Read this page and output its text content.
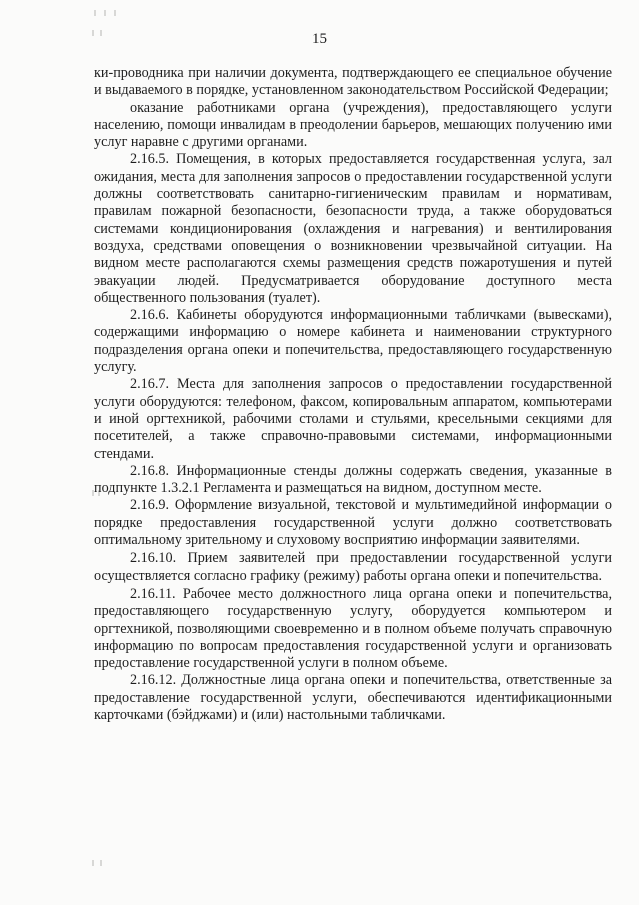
15

ки-проводника при наличии документа, подтверждающего ее специальное обучение и выдаваемого в порядке, установленном законодательством Российской Федерации;

оказание работниками органа (учреждения), предоставляющего услуги населению, помощи инвалидам в преодолении барьеров, мешающих получению ими услуг наравне с другими органами.

2.16.5. Помещения, в которых предоставляется государственная услуга, зал ожидания, места для заполнения запросов о предоставлении государственной услуги должны соответствовать санитарно-гигиеническим правилам и нормативам, правилам пожарной безопасности, безопасности труда, а также оборудоваться системами кондиционирования (охлаждения и нагревания) и вентилирования воздуха, средствами оповещения о возникновении чрезвычайной ситуации. На видном месте располагаются схемы размещения средств пожаротушения и путей эвакуации людей. Предусматривается оборудование доступного места общественного пользования (туалет).

2.16.6. Кабинеты оборудуются информационными табличками (вывесками), содержащими информацию о номере кабинета и наименовании структурного подразделения органа опеки и попечительства, предоставляющего государственную услугу.

2.16.7. Места для заполнения запросов о предоставлении государственной услуги оборудуются: телефоном, факсом, копировальным аппаратом, компьютерами и иной оргтехникой, рабочими столами и стульями, кресельными секциями для посетителей, а также справочно-правовыми системами, информационными стендами.

2.16.8. Информационные стенды должны содержать сведения, указанные в подпункте 1.3.2.1 Регламента и размещаться на видном, доступном месте.

2.16.9. Оформление визуальной, текстовой и мультимедийной информации о порядке предоставления государственной услуги должно соответствовать оптимальному зрительному и слуховому восприятию информации заявителями.

2.16.10. Прием заявителей при предоставлении государственной услуги осуществляется согласно графику (режиму) работы органа опеки и попечительства.

2.16.11. Рабочее место должностного лица органа опеки и попечительства, предоставляющего государственную услугу, оборудуется компьютером и оргтехникой, позволяющими своевременно и в полном объеме получать справочную информацию по вопросам предоставления государственной услуги и организовать предоставление государственной услуги в полном объеме.

2.16.12. Должностные лица органа опеки и попечительства, ответственные за предоставление государственной услуги, обеспечиваются идентификационными карточками (бэйджами) и (или) настольными табличками.
